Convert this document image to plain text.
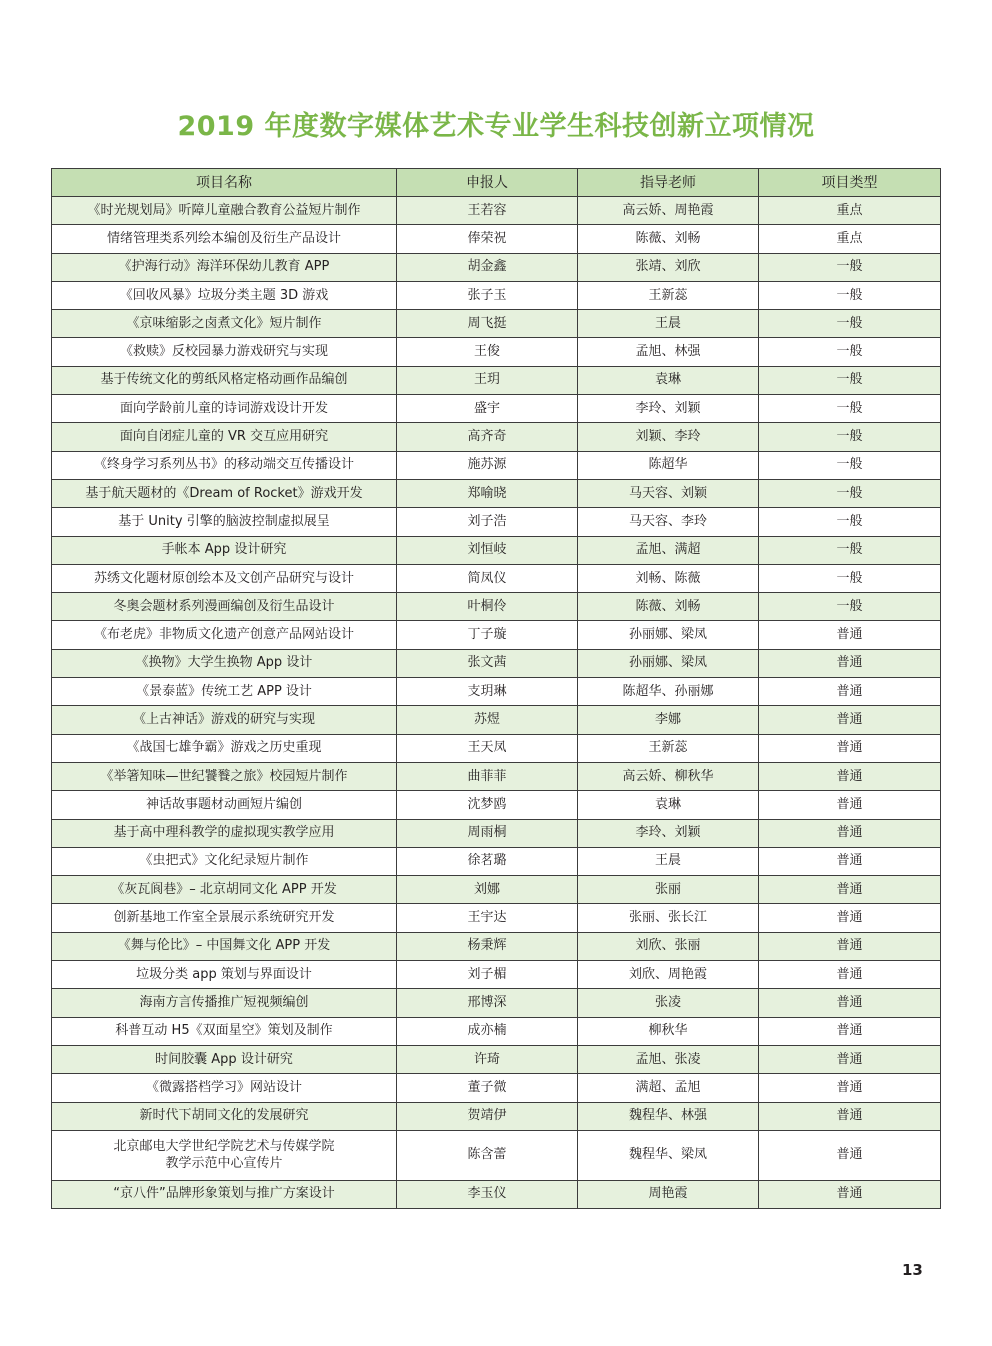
2019 年度数字媒体艺术专业学生科技创新立项情况
项目名称	申报人	指导老师	项目类型
《时光规划局》听障儿童融合教育公益短片制作	王若容	高云娇、周艳霞	重点
情绪管理类系列绘本编创及衍生产品设计	俸荣祝	陈薇、刘畅	重点
《护海行动》海洋环保幼儿教育 APP	胡金鑫	张靖、刘欣	一般
《回收风暴》垃圾分类主题 3D 游戏	张子玉	王新蕊	一般
《京味缩影之卤煮文化》短片制作	周飞挺	王晨	一般
《救赎》反校园暴力游戏研究与实现	王俊	孟旭、林强	一般
基于传统文化的剪纸风格定格动画作品编创	王玥	袁琳	一般
面向学龄前儿童的诗词游戏设计开发	盛宇	李玲、刘颖	一般
面向自闭症儿童的 VR 交互应用研究	高齐奇	刘颖、李玲	一般
《终身学习系列丛书》的移动端交互传播设计	施苏源	陈超华	一般
基于航天题材的《Dream of Rocket》游戏开发	郑喻晓	马天容、刘颖	一般
基于 Unity 引擎的脑波控制虚拟展呈	刘子浩	马天容、李玲	一般
手帐本 App 设计研究	刘恒岐	孟旭、满超	一般
苏绣文化题材原创绘本及文创产品研究与设计	简凤仪	刘畅、陈薇	一般
冬奥会题材系列漫画编创及衍生品设计	叶桐伶	陈薇、刘畅	一般
《布老虎》非物质文化遗产创意产品网站设计	丁子璇	孙丽娜、梁凤	普通
《换物》大学生换物 App 设计	张文茜	孙丽娜、梁凤	普通
《景泰蓝》传统工艺 APP 设计	支玥琳	陈超华、孙丽娜	普通
《上古神话》游戏的研究与实现	苏煜	李娜	普通
《战国七雄争霸》游戏之历史重现	王天凤	王新蕊	普通
《举箸知味—世纪饕餮之旅》校园短片制作	曲菲菲	高云娇、柳秋华	普通
神话故事题材动画短片编创	沈梦鸥	袁琳	普通
基于高中理科教学的虚拟现实教学应用	周雨桐	李玲、刘颖	普通
《虫把式》文化纪录短片制作	徐茗璐	王晨	普通
《灰瓦阆巷》– 北京胡同文化 APP 开发	刘娜	张丽	普通
创新基地工作室全景展示系统研究开发	王宇达	张丽、张长江	普通
《舞与伦比》– 中国舞文化 APP 开发	杨秉辉	刘欣、张丽	普通
垃圾分类 app 策划与界面设计	刘子楣	刘欣、周艳霞	普通
海南方言传播推广短视频编创	邢博深	张凌	普通
科普互动 H5《双面星空》策划及制作	成亦楠	柳秋华	普通
时间胶囊 App 设计研究	许琦	孟旭、张凌	普通
《微露搭档学习》网站设计	董子微	满超、孟旭	普通
新时代下胡同文化的发展研究	贺靖伊	魏程华、林强	普通
北京邮电大学世纪学院艺术与传媒学院
教学示范中心宣传片	陈含蕾	魏程华、梁凤	普通
“京八件”品牌形象策划与推广方案设计	李玉仪	周艳霞	普通
13
